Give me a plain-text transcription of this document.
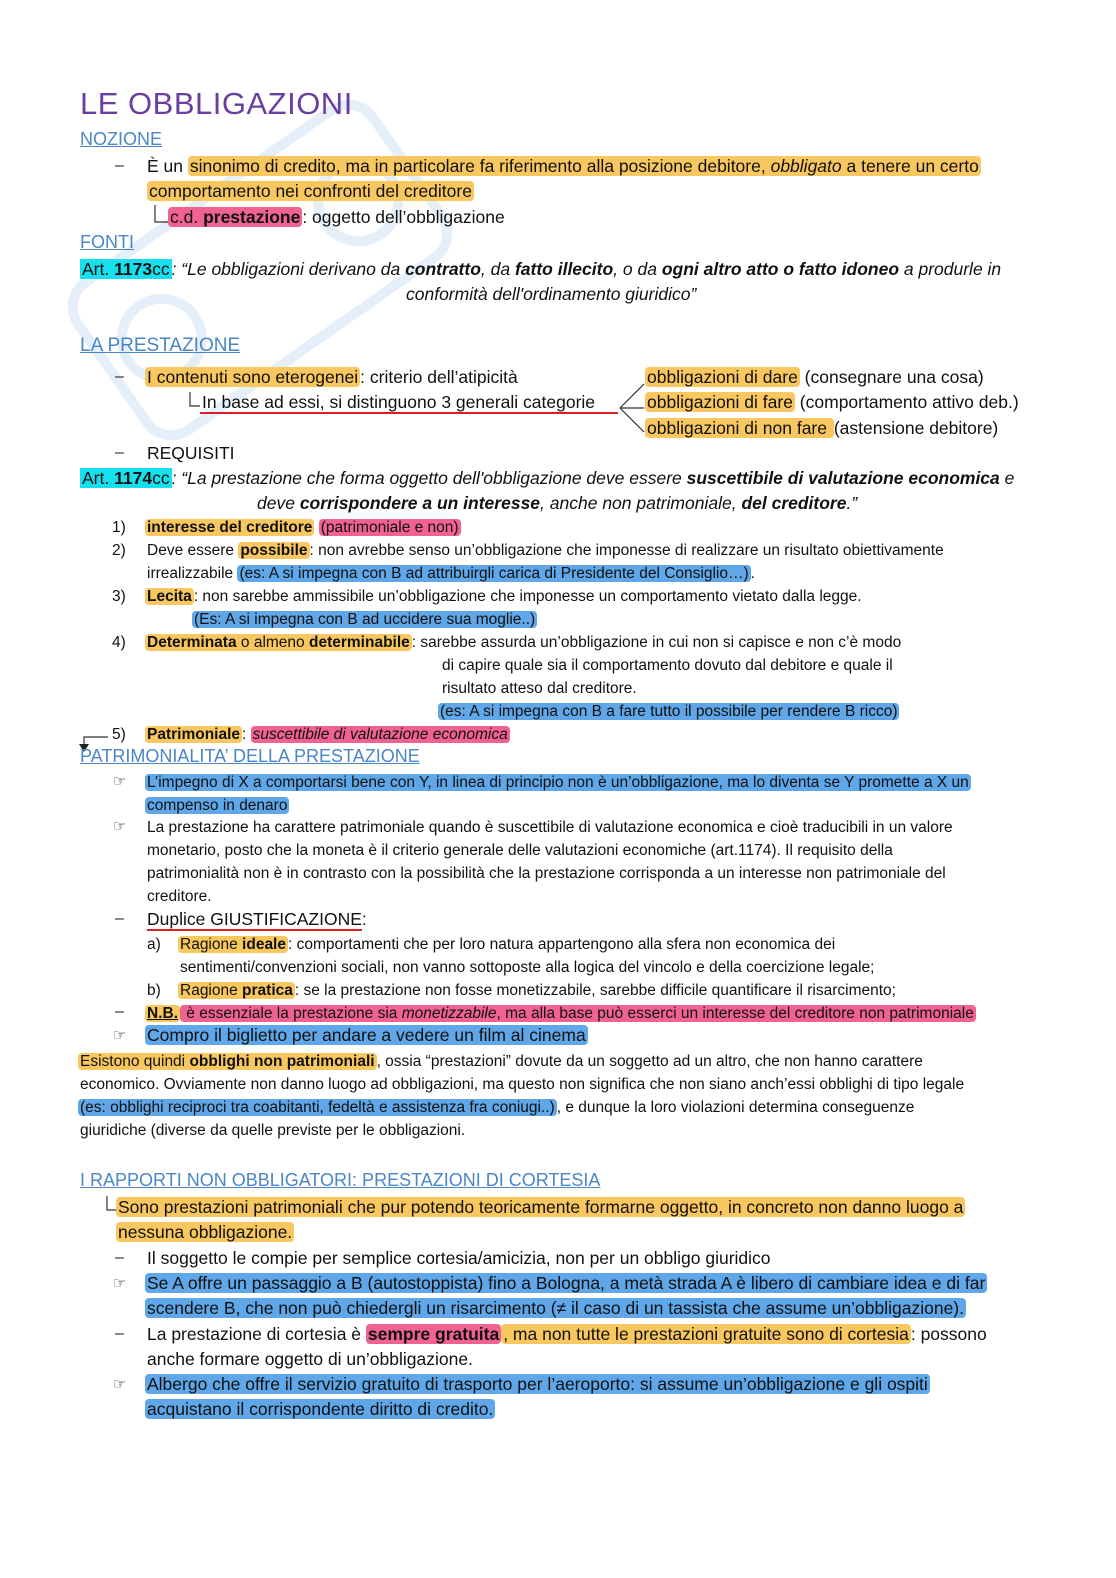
LE OBBLIGAZIONI
NOZIONE
– È un sinonimo di credito, ma in particolare fa riferimento alla posizione debitore, obbligato a tenere un certo
comportamento nei confronti del creditore
c.d. prestazione : oggetto dell’obbligazione
FONTI
Art. 1173cc : “Le obbligazioni derivano da contratto, da fatto illecito, o da ogni altro atto o fatto idoneo a produrle in
conformità dell'ordinamento giuridico”
LA PRESTAZIONE
– I contenuti sono eterogenei : criterio dell’atipicità
In base ad essi, si distinguono 3 generali categorie
obbligazioni di dare (consegnare una cosa)
obbligazioni di fare (comportamento attivo deb.)
obbligazioni di non fare (astensione debitore)
– REQUISITI
Art. 1174cc : “La prestazione che forma oggetto dell'obbligazione deve essere suscettibile di valutazione economica e
deve corrispondere a un interesse, anche non patrimoniale, del creditore.”
1) interesse del creditore (patrimoniale e non)
2) Deve essere possibile : non avrebbe senso un’obbligazione che imponesse di realizzare un risultato obiettivamente
irrealizzabile (es: A si impegna con B ad attribuirgli carica di Presidente del Consiglio…) .
3) Lecita : non sarebbe ammissibile un’obbligazione che imponesse un comportamento vietato dalla legge.
(Es: A si impegna con B ad uccidere sua moglie..)
4) Determinata o almeno determinabile : sarebbe assurda un’obbligazione in cui non si capisce e non c’è modo
di capire quale sia il comportamento dovuto dal debitore e quale il
risultato atteso dal creditore.
(es: A si impegna con B a fare tutto il possibile per rendere B ricco)
5) Patrimoniale : suscettibile di valutazione economica
PATRIMONIALITA’ DELLA PRESTAZIONE
☞ L’impegno di X a comportarsi bene con Y, in linea di principio non è un’obbligazione, ma lo diventa se Y promette a X un
compenso in denaro
☞ La prestazione ha carattere patrimoniale quando è suscettibile di valutazione economica e cioè traducibili in un valore
monetario, posto che la moneta è il criterio generale delle valutazioni economiche (art.1174). Il requisito della
patrimonialità non è in contrasto con la possibilità che la prestazione corrisponda a un interesse non patrimoniale del
creditore.
– Duplice GIUSTIFICAZIONE:
a) Ragione ideale : comportamenti che per loro natura appartengono alla sfera non economica dei
sentimenti/convenzioni sociali, non vanno sottoposte alla logica del vincolo e della coercizione legale;
b) Ragione pratica : se la prestazione non fosse monetizzabile, sarebbe difficile quantificare il risarcimento;
– N.B. è essenziale la prestazione sia monetizzabile, ma alla base può esserci un interesse del creditore non patrimoniale
☞ Compro il biglietto per andare a vedere un film al cinema
Esistono quindi obblighi non patrimoniali , ossia “prestazioni” dovute da un soggetto ad un altro, che non hanno carattere
economico. Ovviamente non danno luogo ad obbligazioni, ma questo non significa che non siano anch’essi obblighi di tipo legale
(es: obblighi reciproci tra coabitanti, fedeltà e assistenza fra coniugi..) , e dunque la loro violazioni determina conseguenze
giuridiche (diverse da quelle previste per le obbligazioni.
I RAPPORTI NON OBBLIGATORI: PRESTAZIONI DI CORTESIA
Sono prestazioni patrimoniali che pur potendo teoricamente formarne oggetto, in concreto non danno luogo a
nessuna obbligazione.
– Il soggetto le compie per semplice cortesia/amicizia, non per un obbligo giuridico
☞ Se A offre un passaggio a B (autostoppista) fino a Bologna, a metà strada A è libero di cambiare idea e di far
scendere B, che non può chiedergli un risarcimento (≠ il caso di un tassista che assume un’obbligazione).
– La prestazione di cortesia è sempre gratuita , ma non tutte le prestazioni gratuite sono di cortesia : possono
anche formare oggetto di un’obbligazione.
☞ Albergo che offre il servizio gratuito di trasporto per l’aeroporto: si assume un’obbligazione e gli ospiti
acquistano il corrispondente diritto di credito.
